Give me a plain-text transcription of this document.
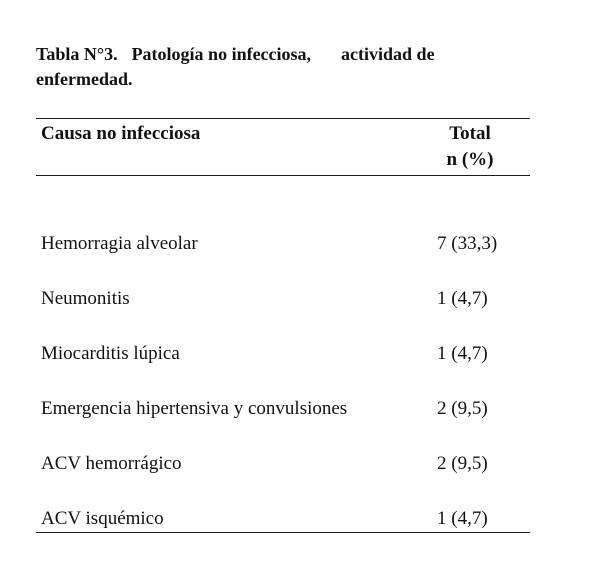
Tabla N°3. Patología no infecciosa, actividad de
enfermedad.
Causa no infecciosa	Total
n (%)
Hemorragia alveolar	7 (33,3)
Neumonitis	1 (4,7)
Miocarditis lúpica	1 (4,7)
Emergencia hipertensiva y convulsiones	2 (9,5)
ACV hemorrágico	2 (9,5)
ACV isquémico	1 (4,7)
